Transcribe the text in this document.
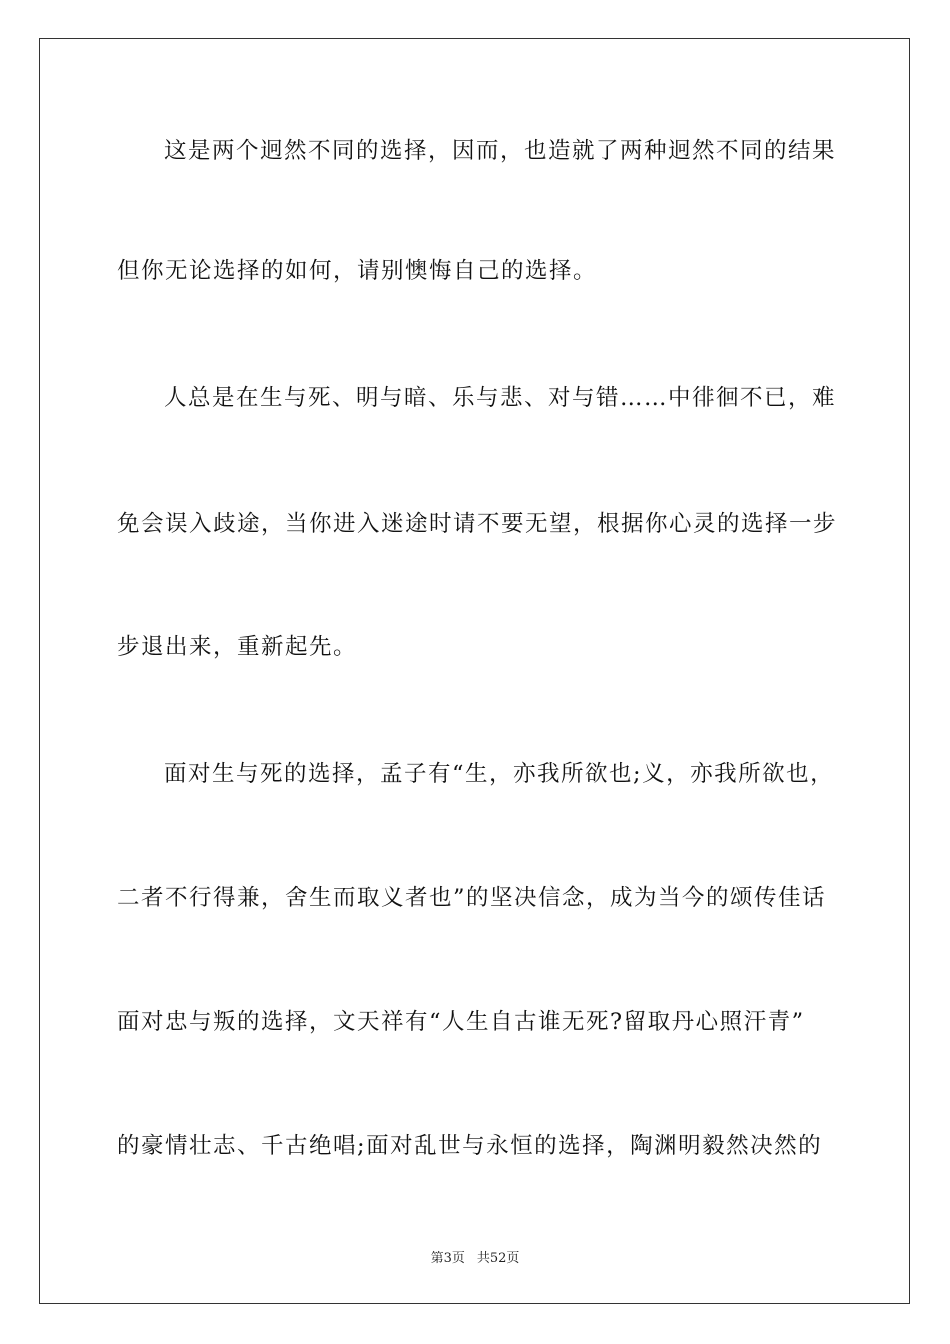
这是两个迥然不同的选择，因而，也造就了两种迥然不同的结果
但你无论选择的如何，请别懊悔自己的选择。
人总是在生与死、明与暗、乐与悲、对与错……中徘徊不已，难
免会误入歧途，当你进入迷途时请不要无望，根据你心灵的选择一步
步退出来，重新起先。
面对生与死的选择，孟子有“生，亦我所欲也;义，亦我所欲也，
二者不行得兼，舍生而取义者也”的坚决信念，成为当今的颂传佳话
面对忠与叛的选择，文天祥有“人生自古谁无死?留取丹心照汗青”
的豪情壮志、千古绝唱;面对乱世与永恒的选择，陶渊明毅然决然的
第3页 共52页
